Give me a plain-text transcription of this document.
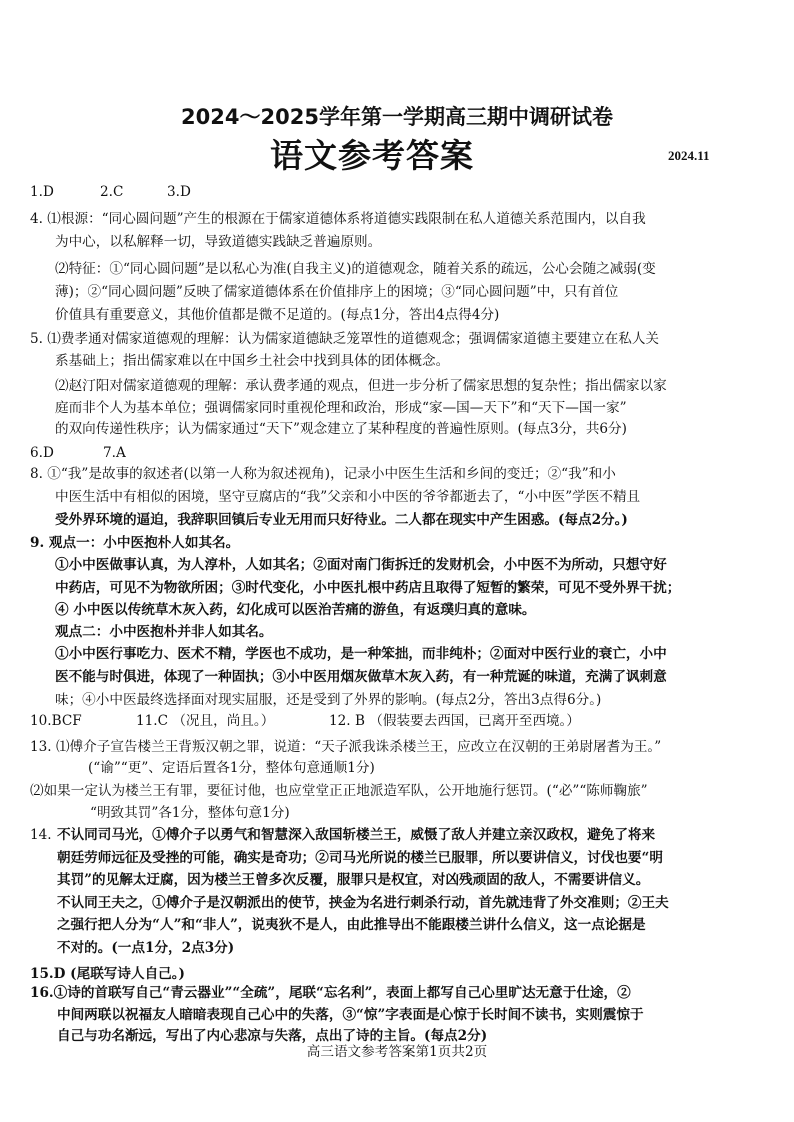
2024～2025学年第一学期高三期中调研试卷
语文参考答案	2024.11
1.D	2.C	3.D
4. ⑴根源：“同心圆问题”产生的根源在于儒家道德体系将道德实践限制在私人道德关系范围内，以自我
为中心，以私解释一切，导致道德实践缺乏普遍原则。
⑵特征：①“同心圆问题”是以私心为准(自我主义)的道德观念，随着关系的疏远，公心会随之减弱(变
薄)；②“同心圆问题”反映了儒家道德体系在价值排序上的困境；③“同心圆问题”中，只有首位
价值具有重要意义，其他价值都是微不足道的。(每点1分，答出4点得4分)
5. ⑴费孝通对儒家道德观的理解：认为儒家道德缺乏笼罩性的道德观念；强调儒家道德主要建立在私人关
系基础上；指出儒家难以在中国乡土社会中找到具体的团体概念。
⑵赵汀阳对儒家道德观的理解：承认费孝通的观点，但进一步分析了儒家思想的复杂性；指出儒家以家
庭而非个人为基本单位；强调儒家同时重视伦理和政治，形成“家—国—天下”和“天下—国一家”
的双向传递性秩序；认为儒家通过“天下”观念建立了某种程度的普遍性原则。(每点3分，共6分)
6.D	7.A
8. ①“我”是故事的叙述者(以第一人称为叙述视角)，记录小中医生生活和乡间的变迁；②“我”和小
中医生活中有相似的困境，坚守豆腐店的“我”父亲和小中医的爷爷都逝去了，“小中医”学医不精且
受外界环境的逼迫，我辞职回镇后专业无用而只好待业。二人都在现实中产生困惑。(每点2分。)
9. 观点一：小中医抱朴人如其名。
①小中医做事认真，为人淳朴，人如其名；②面对南门街拆迁的发财机会，小中医不为所动，只想守好
中药店，可见不为物欲所困；③时代变化，小中医扎根中药店且取得了短暂的繁荣，可见不受外界干扰；
④ 小中医以传统草木灰入药，幻化成可以医治苦痛的游鱼，有返璞归真的意味。
观点二：小中医抱朴并非人如其名。
①小中医行事吃力、医术不精，学医也不成功，是一种笨拙，而非纯朴；②面对中医行业的衰亡，小中
医不能与时俱进，体现了一种固执；③小中医用烟灰做草木灰入药，有一种荒诞的味道，充满了讽刺意
味；④小中医最终选择面对现实屈服，还是受到了外界的影响。(每点2分，答出3点得6分。)
10.BCF	11.C （况且，尚且。）	12. B （假装要去西国，已离开至西境。）
13. ⑴傅介子宣告楼兰王背叛汉朝之罪，说道：“天子派我诛杀楼兰王，应改立在汉朝的王弟尉屠耆为王。”
(“谕”“更”、定语后置各1分，整体句意通顺1分)
⑵如果一定认为楼兰王有罪，要征讨他，也应堂堂正正地派造军队，公开地施行惩罚。(“必”“陈师鞠旅”
“明致其罚”各1分，整体句意1分)
14. 不认同司马光，①傅介子以勇气和智慧深入敌国斩楼兰王，威慑了敌人并建立亲汉政权，避免了将来
朝廷劳师远征及受挫的可能，确实是奇功；②司马光所说的楼兰已服罪，所以要讲信义，讨伐也要“明
其罚”的见解太迂腐，因为楼兰王曾多次反覆，服罪只是权宜，对凶残顽固的敌人，不需要讲信义。
不认同王夫之，①傅介子是汉朝派出的使节，挟金为名进行刺杀行动，首先就违背了外交准则；②王夫
之强行把人分为“人”和“非人”，说夷狄不是人，由此推导出不能跟楼兰讲什么信义，这一点论据是
不对的。(一点1分，2点3分)
15.D (尾联写诗人自己。)
16.①诗的首联写自己“青云器业”“全疏”，尾联“忘名利”，表面上都写自己心里旷达无意于仕途，②
中间两联以祝福友人暗暗表现自己心中的失落，③“惊”字表面是心惊于长时间不读书，实则震惊于
自己与功名渐远，写出了内心悲凉与失落，点出了诗的主旨。(每点2分)
高三语文参考答案第1页共2页
